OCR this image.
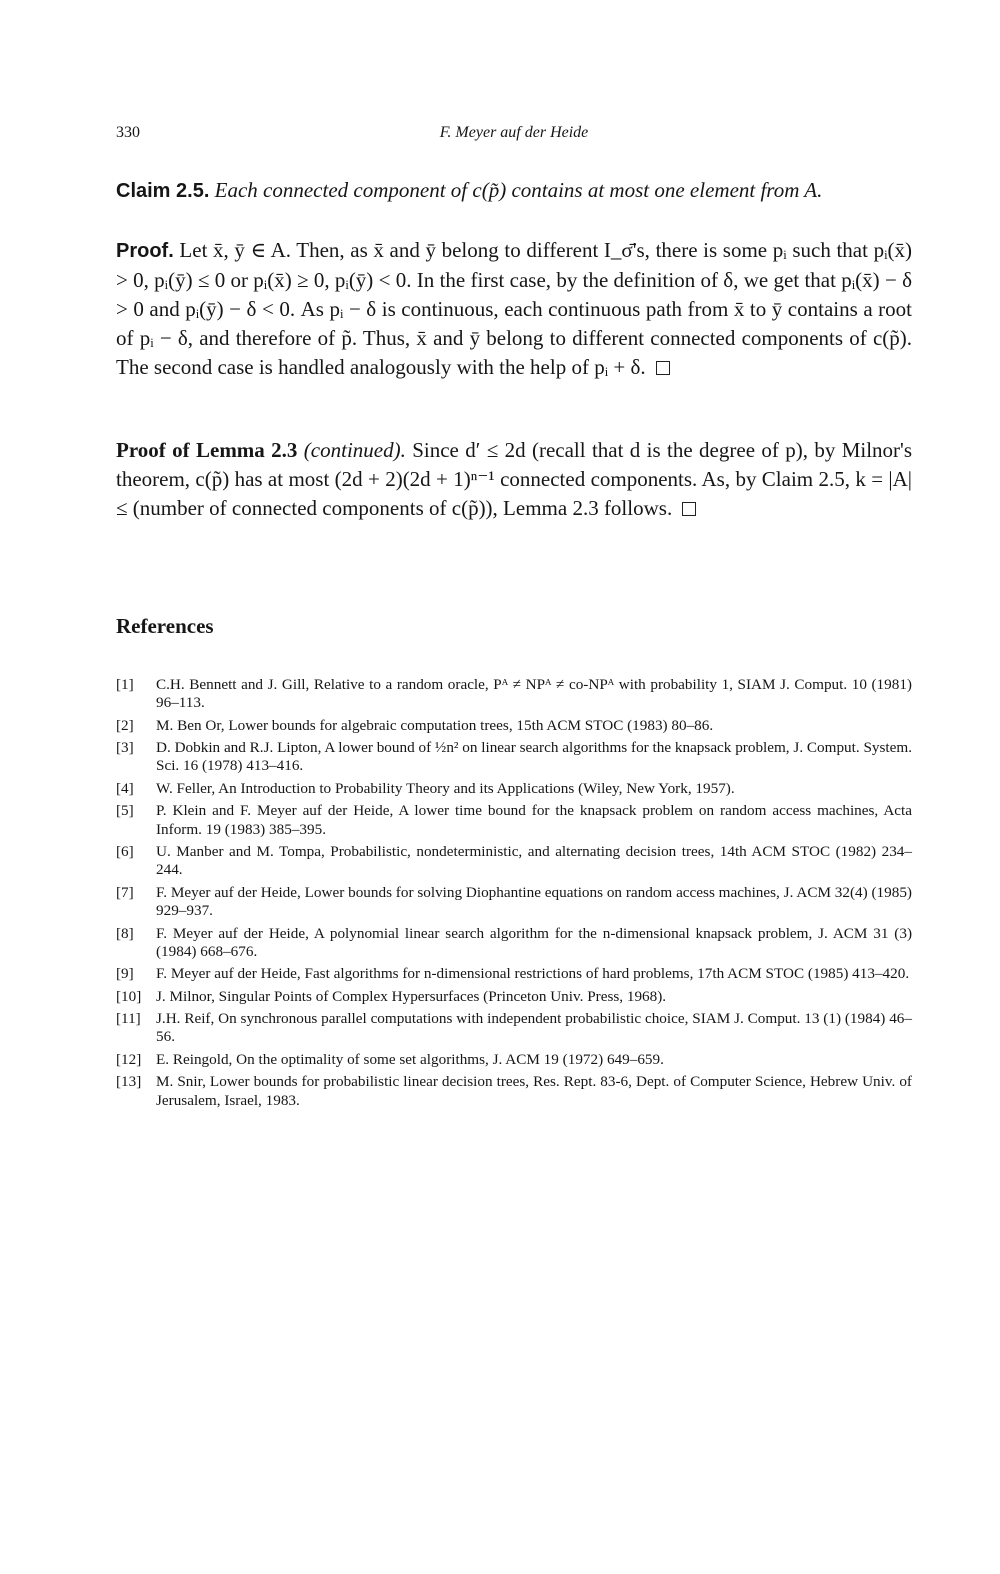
330	F. Meyer auf der Heide
Claim 2.5. Each connected component of c(p̃) contains at most one element from A.
Proof. Let x̄, ȳ ∈ A. Then, as x̄ and ȳ belong to different I_σ̄'s, there is some pᵢ such that pᵢ(x̄) > 0, pᵢ(ȳ) ≤ 0 or pᵢ(x̄) ≥ 0, pᵢ(ȳ) < 0. In the first case, by the definition of δ, we get that pᵢ(x̄) − δ > 0 and pᵢ(ȳ) − δ < 0. As pᵢ − δ is continuous, each continuous path from x̄ to ȳ contains a root of pᵢ − δ, and therefore of p̃. Thus, x̄ and ȳ belong to different connected components of c(p̃). The second case is handled analogously with the help of pᵢ + δ.
Proof of Lemma 2.3 (continued). Since d′ ≤ 2d (recall that d is the degree of p), by Milnor's theorem, c(p̃) has at most (2d + 2)(2d + 1)ⁿ⁻¹ connected components. As, by Claim 2.5, k = |A| ≤ (number of connected components of c(p̃)), Lemma 2.3 follows.
References
[1] C.H. Bennett and J. Gill, Relative to a random oracle, Pᴬ ≠ NPᴬ ≠ co-NPᴬ with probability 1, SIAM J. Comput. 10 (1981) 96–113.
[2] M. Ben Or, Lower bounds for algebraic computation trees, 15th ACM STOC (1983) 80–86.
[3] D. Dobkin and R.J. Lipton, A lower bound of ½n² on linear search algorithms for the knapsack problem, J. Comput. System. Sci. 16 (1978) 413–416.
[4] W. Feller, An Introduction to Probability Theory and its Applications (Wiley, New York, 1957).
[5] P. Klein and F. Meyer auf der Heide, A lower time bound for the knapsack problem on random access machines, Acta Inform. 19 (1983) 385–395.
[6] U. Manber and M. Tompa, Probabilistic, nondeterministic, and alternating decision trees, 14th ACM STOC (1982) 234–244.
[7] F. Meyer auf der Heide, Lower bounds for solving Diophantine equations on random access machines, J. ACM 32(4) (1985) 929–937.
[8] F. Meyer auf der Heide, A polynomial linear search algorithm for the n-dimensional knapsack problem, J. ACM 31 (3) (1984) 668–676.
[9] F. Meyer auf der Heide, Fast algorithms for n-dimensional restrictions of hard problems, 17th ACM STOC (1985) 413–420.
[10] J. Milnor, Singular Points of Complex Hypersurfaces (Princeton Univ. Press, 1968).
[11] J.H. Reif, On synchronous parallel computations with independent probabilistic choice, SIAM J. Comput. 13 (1) (1984) 46–56.
[12] E. Reingold, On the optimality of some set algorithms, J. ACM 19 (1972) 649–659.
[13] M. Snir, Lower bounds for probabilistic linear decision trees, Res. Rept. 83-6, Dept. of Computer Science, Hebrew Univ. of Jerusalem, Israel, 1983.
